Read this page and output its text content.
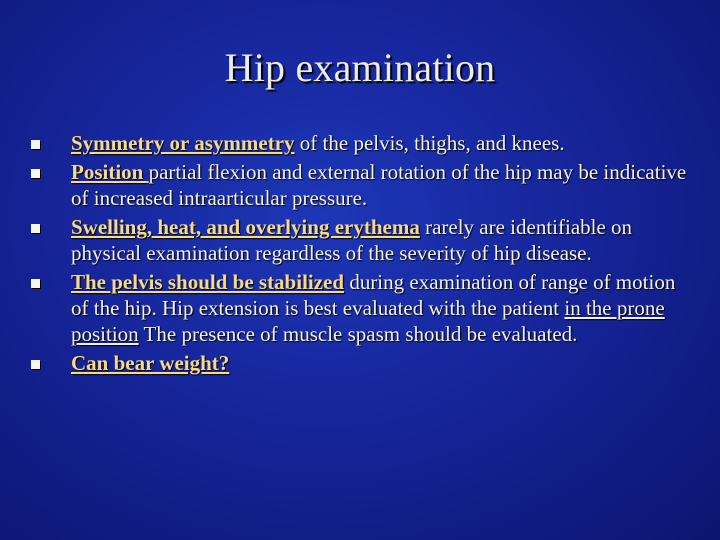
Hip examination
Symmetry or asymmetry of the pelvis, thighs, and knees.
Position partial flexion and external rotation of the hip may be indicative of increased intraarticular pressure.
Swelling, heat, and overlying erythema rarely are identifiable on physical examination regardless of the severity of hip disease.
The pelvis should be stabilized during examination of range of motion of the hip. Hip extension is best evaluated with the patient in the prone position The presence of muscle spasm should be evaluated.
Can bear weight?
